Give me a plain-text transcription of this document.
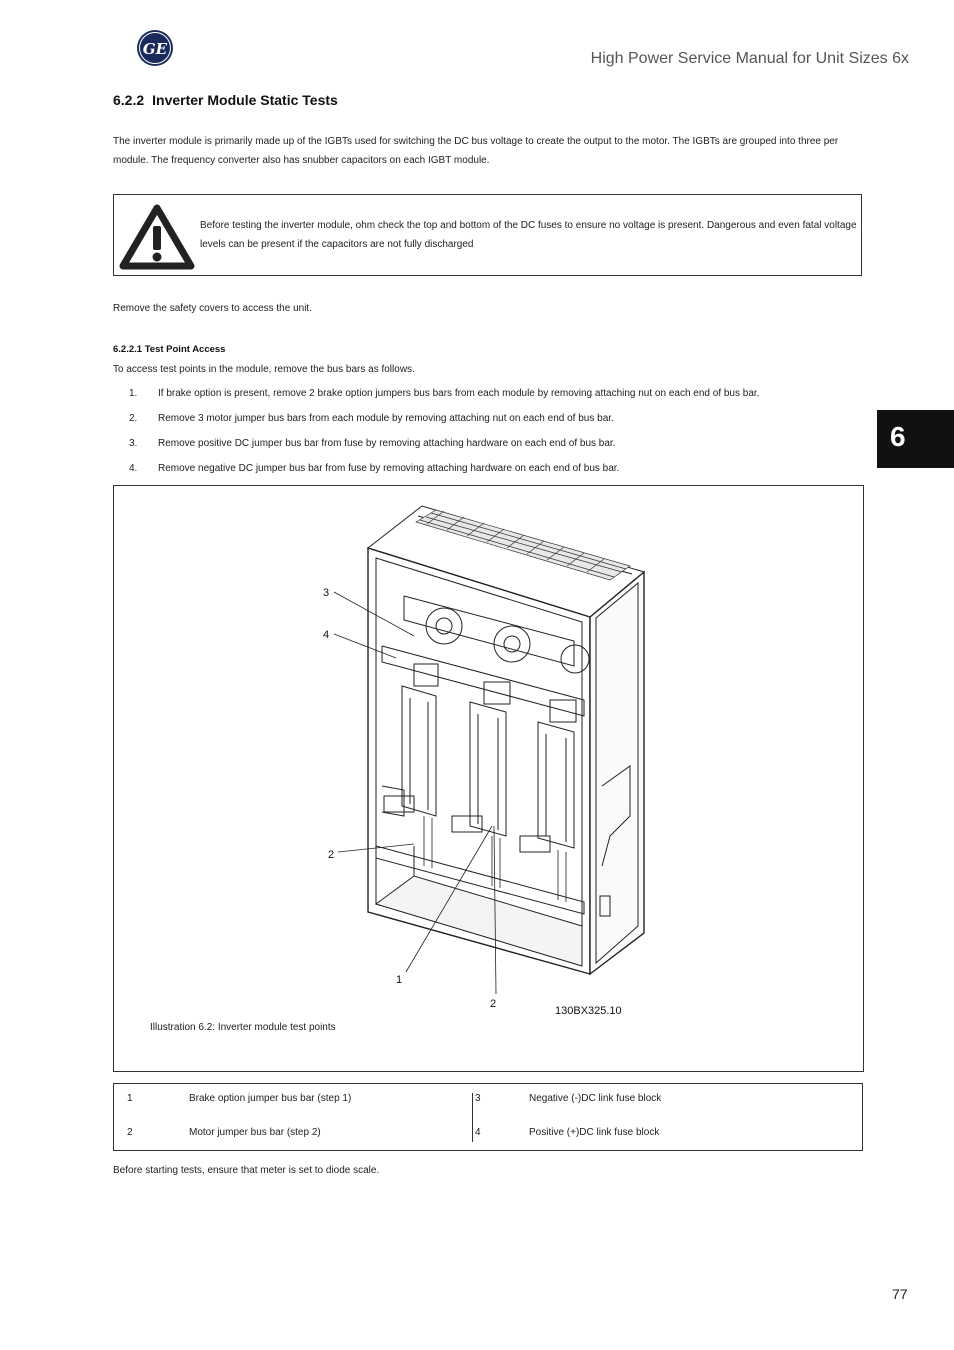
GE
High Power Service Manual for Unit Sizes 6x
6.2.2 Inverter Module Static Tests
The inverter module is primarily made up of the IGBTs used for switching the DC bus voltage to create the output to the motor. The IGBTs are grouped into three per module. The frequency converter also has snubber capacitors on each IGBT module.
Before testing the inverter module, ohm check the top and bottom of the DC fuses to ensure no voltage is present. Dangerous and even fatal voltage levels can be present if the capacitors are not fully discharged
Remove the safety covers to access the unit.
6.2.2.1 Test Point Access
To access test points in the module, remove the bus bars as follows.
1. If brake option is present, remove 2 brake option jumpers bus bars from each module by removing attaching nut on each end of bus bar.
2. Remove 3 motor jumper bus bars from each module by removing attaching nut on each end of bus bar.
3. Remove positive DC jumper bus bar from fuse by removing attaching hardware on each end of bus bar.
4. Remove negative DC jumper bus bar from fuse by removing attaching hardware on each end of bus bar.
6
3
4
2
1
2
130BX325.10
Illustration 6.2: Inverter module test points
1	Brake option jumper bus bar (step 1)
2	Motor jumper bus bar (step 2)
3	Negative (-)DC link fuse block
4	Positive (+)DC link fuse block
Before starting tests, ensure that meter is set to diode scale.
77
